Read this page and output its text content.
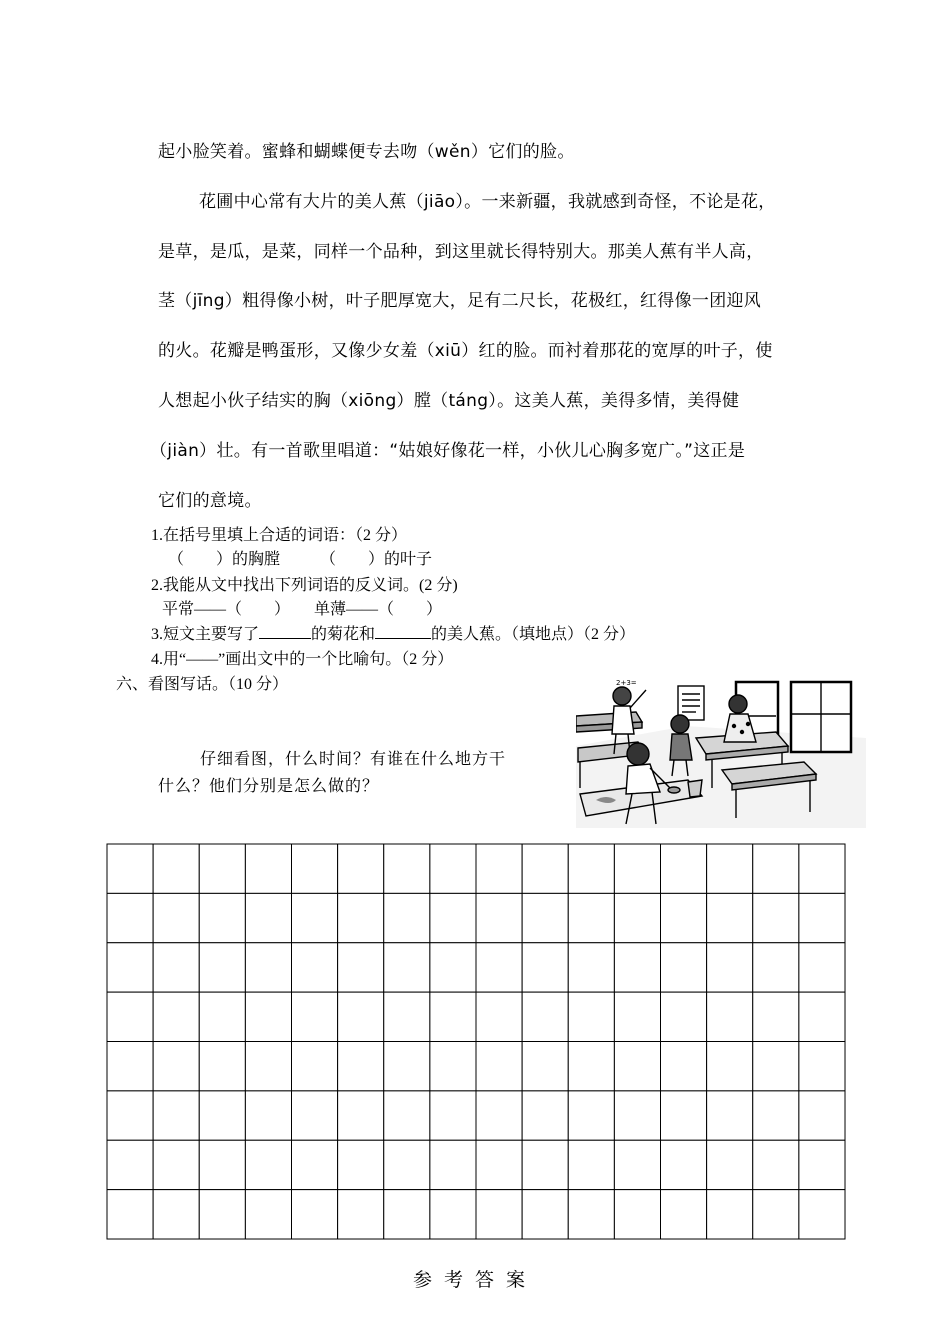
起小脸笑着。蜜蜂和蝴蝶便专去吻（wěn）它们的脸。
花圃中心常有大片的美人蕉（jiāo）。一来新疆，我就感到奇怪，不论是花，
是草，是瓜，是菜，同样一个品种，到这里就长得特别大。那美人蕉有半人高，
茎（jīng）粗得像小树，叶子肥厚宽大，足有二尺长，花极红，红得像一团迎风
的火。花瓣是鸭蛋形，又像少女羞（xiū）红的脸。而衬着那花的宽厚的叶子，使
人想起小伙子结实的胸（xiōng）膛（táng）。这美人蕉，美得多情，美得健
（jiàn）壮。有一首歌里唱道：“姑娘好像花一样，小伙儿心胸多宽广。”这正是
它们的意境。
1.在括号里填上合适的词语：（2 分）
（　　）的胸膛　　　（　　）的叶子
2.我能从文中找出下列词语的反义词。(2 分)
平常——（　　）　　单薄——（　　）
3.短文主要写了	的菊花和	的美人蕉。（填地点）（2 分）
4.用“——”画出文中的一个比喻句。（2 分）
六、看图写话。（10 分）
仔细看图，什么时间？有谁在什么地方干
什么？他们分别是怎么做的？
2+3=
参考答案
